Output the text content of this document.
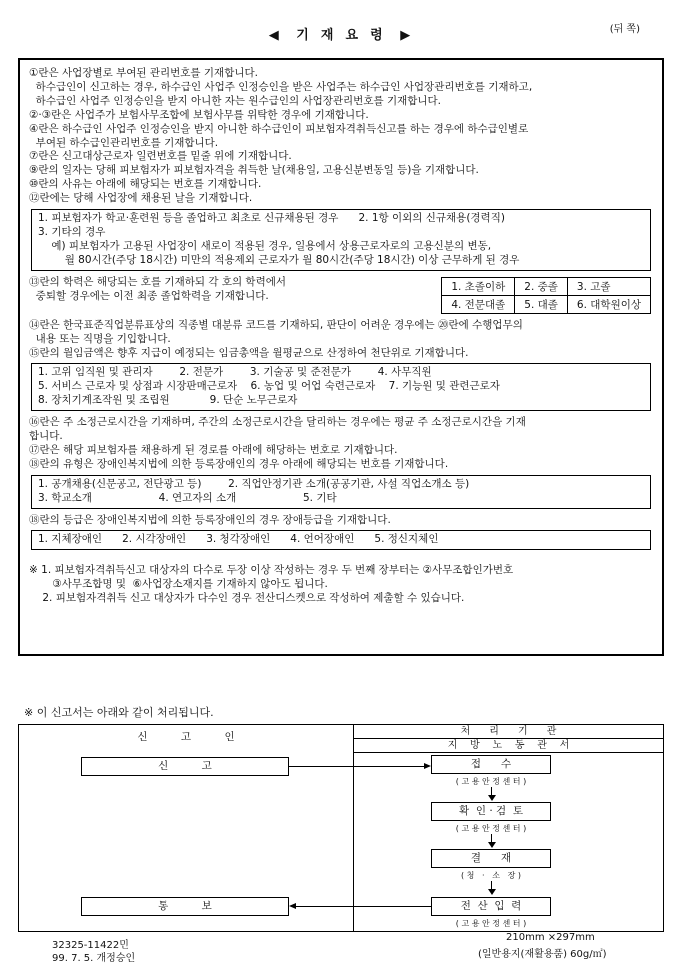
◀   기  재  요  령   ▶	(뒤 쪽)
①란은 사업장별로 부여된 관리번호를 기재합니다.
하수급인이 신고하는 경우, 하수급인 사업주 인정승인을 받은 사업주는 하수급인 사업장관리번호를 기재하고,
하수급인 사업주 인정승인을 받지 아니한 자는 원수급인의 사업장관리번호를 기재합니다.
②·③란은 사업주가 보험사무조합에 보험사무를 위탁한 경우에 기재합니다.
④란은 하수급인 사업주 인정승인을 받지 아니한 하수급인이 피보험자격취득신고를 하는 경우에 하수급인별로
부여된 하수급인관리번호를 기재합니다.
⑦란은 신고대상근로자 일련번호를 밑줄 위에 기재합니다.
⑨란의 일자는 당해 피보험자가 피보험자격을 취득한 날(채용일, 고용신분변동일 등)을 기재합니다.
⑩란의 사유는 아래에 해당되는 번호를 기재합니다.
⑫란에는 당해 사업장에 채용된 날을 기재합니다.
1. 피보험자가 학교·훈련원 등을 졸업하고 최초로 신규채용된 경우      2. 1항 이외의 신규채용(경력직)
3. 기타의 경우
예) 피보험자가 고용된 사업장이 새로이 적용된 경우, 일용에서 상용근로자로의 고용신분의 변동,
월 80시간(주당 18시간) 미만의 적용제외 근로자가 월 80시간(주당 18시간) 이상 근무하게 된 경우
⑬란의 학력은 해당되는 호를 기재하되 각 호의 학력에서
중퇴할 경우에는 이전 최종 졸업학력을 기재합니다.
1. 초졸이하	2. 중졸	3. 고졸
4. 전문대졸	5. 대졸	6. 대학원이상
⑭란은 한국표준직업분류표상의 직종별 대분류 코드를 기재하되, 판단이 어려운 경우에는 ⑳란에 수행업무의
내용 또는 직명을 기입합니다.
⑮란의 월임금액은 향후 지급이 예정되는 임금총액을 월평균으로 산정하여 천단위로 기재합니다.
1. 고위 임직원 및 관리자        2. 전문가        3. 기술공 및 준전문가        4. 사무직원
5. 서비스 근로자 및 상점과 시장판매근로자    6. 농업 및 어업 숙련근로자    7. 기능원 및 관련근로자
8. 장치기계조작원 및 조립원            9. 단순 노무근로자
⑯란은 주 소정근로시간을 기재하며, 주간의 소정근로시간을 달리하는 경우에는 평균 주 소정근로시간을 기재
합니다.
⑰란은 해당 피보험자를 채용하게 된 경로를 아래에 해당하는 번호로 기재합니다.
⑱란의 유형은 장애인복지법에 의한 등록장애인의 경우 아래에 해당되는 번호를 기재합니다.
1. 공개채용(신문공고, 전단광고 등)        2. 직업안정기관 소개(공공기관, 사설 직업소개소 등)
3. 학교소개                    4. 연고자의 소개                    5. 기타
⑱란의 등급은 장애인복지법에 의한 등록장애인의 경우 장애등급을 기재합니다.
1. 지체장애인      2. 시각장애인      3. 청각장애인      4. 언어장애인      5. 정신지체인
※ 1. 피보험자격취득신고 대상자의 다수로 두장 이상 작성하는 경우 두 번째 장부터는 ②사무조합인가번호
③사무조합명 및  ⑥사업장소재지를 기재하지 않아도 됩니다.
2. 피보험자격취득 신고 대상자가 다수인 경우 전산디스켓으로 작성하여 제출할 수 있습니다.
※ 이 신고서는 아래와 같이 처리됩니다.
신          고          인	처      리      기      관
지    방    노    동    관    서
신          고
통          보
접      수
( 고 용 안 정 센 터 )
확  인 · 검  토
( 고 용 안 정 센 터 )
결      재
( 청   ·   소   장 )
전  산  입  력
( 고 용 안 정 센 터 )
32325-11422민
99. 7. 5. 개정승인
210mm ×297mm
(일반용지(재활용품) 60g/㎡)
